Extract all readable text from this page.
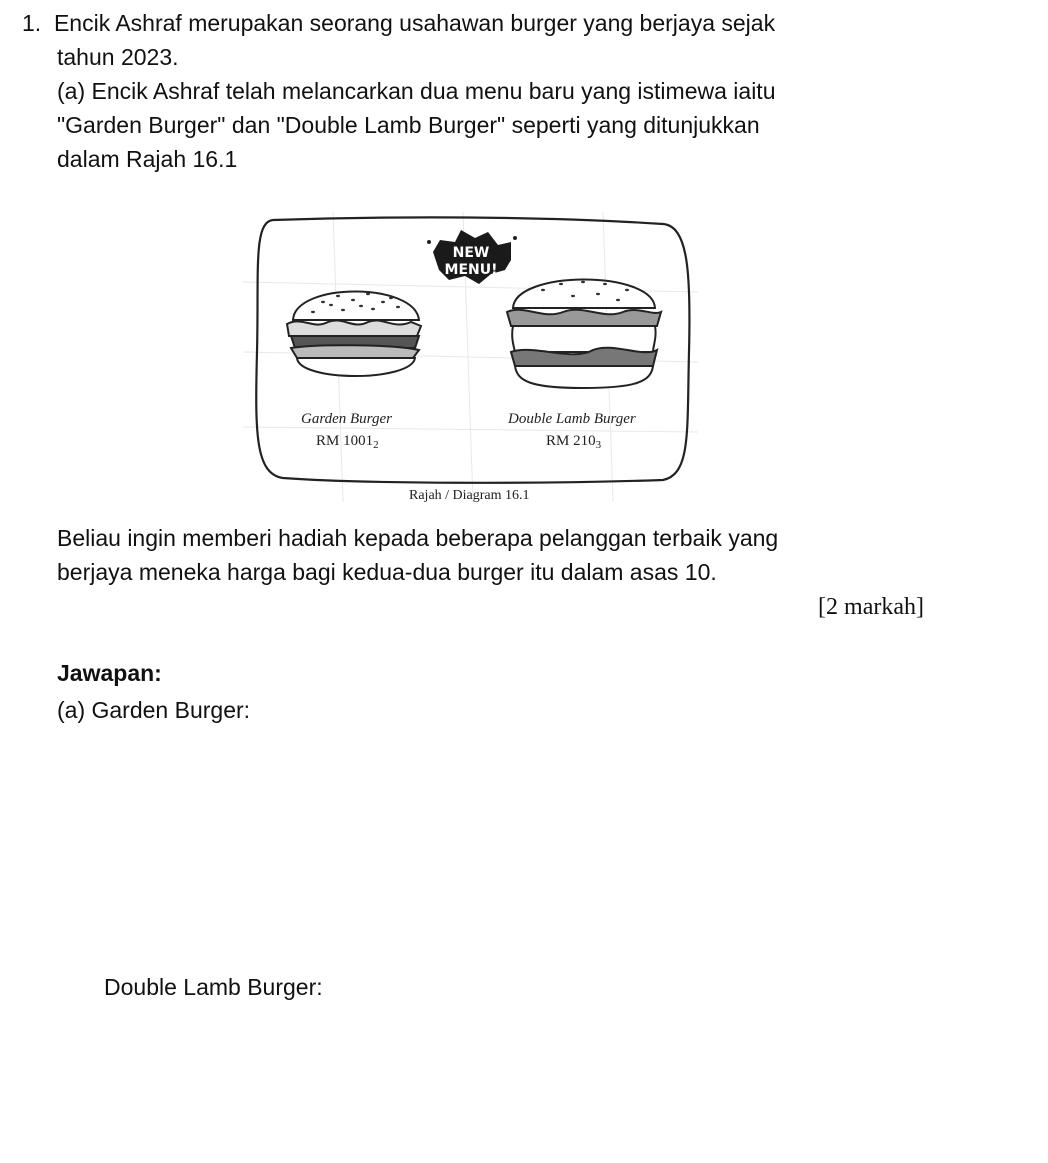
1. Encik Ashraf merupakan seorang usahawan burger yang berjaya sejak

tahun 2023.

(a) Encik Ashraf telah melancarkan dua menu baru yang istimewa iaitu

"Garden Burger" dan "Double Lamb Burger" seperti yang ditunjukkan

dalam Rajah 16.1

NEW
MENU!
Garden Burger
RM $1001_2$
Double Lamb Burger
RM $210_3$
Rajah / Diagram 16.1

Beliau ingin memberi hadiah kepada beberapa pelanggan terbaik yang

berjaya meneka harga bagi kedua-dua burger itu dalam asas 10.

[2 markah]
Jawapan:
(a) Garden Burger:
Double Lamb Burger:
